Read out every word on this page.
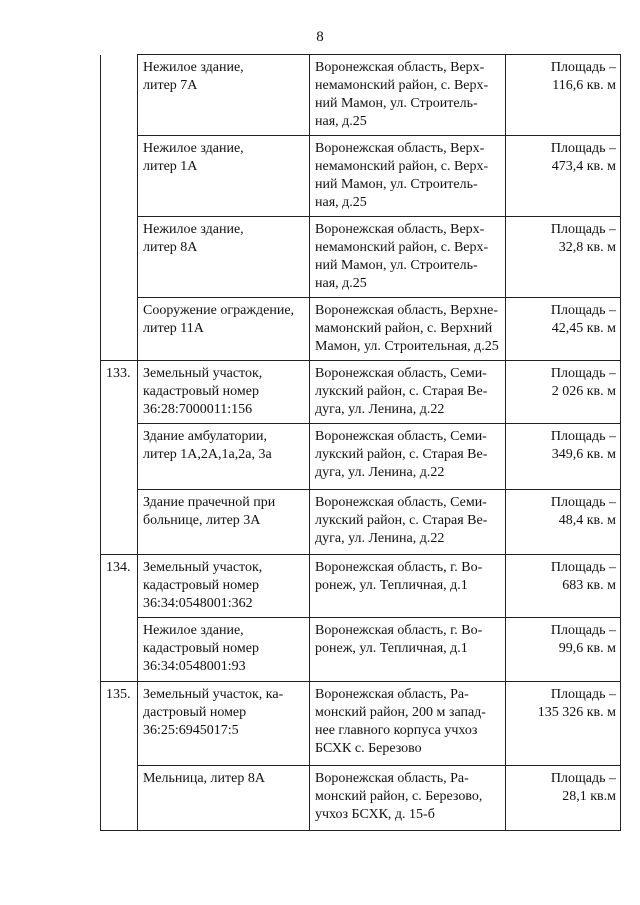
8

	Нежилое здание,
литер 7А	Воронежская область, Верх-
немамонский район, с. Верх-
ний Мамон, ул. Строитель-
ная, д.25	Площадь –
116,6 кв. м

	Нежилое здание,
литер 1А	Воронежская область, Верх-
немамонский район, с. Верх-
ний Мамон, ул. Строитель-
ная, д.25	Площадь –
473,4 кв. м

	Нежилое здание,
литер 8А	Воронежская область, Верх-
немамонский район, с. Верх-
ний Мамон, ул. Строитель-
ная, д.25	Площадь –
32,8 кв. м

	Сооружение ограждение,
литер 11А	Воронежская область, Верхне-
мамонский район, с. Верхний
Мамон, ул. Строительная, д.25	Площадь –
42,45 кв. м

133.	Земельный участок,
кадастровый номер
36:28:7000011:156	Воронежская область, Семи-
лукский район, с. Старая Ве-
дуга, ул. Ленина, д.22	Площадь –
2 026 кв. м

	Здание амбулатории,
литер 1А,2А,1а,2а, 3а	Воронежская область, Семи-
лукский район, с. Старая Ве-
дуга, ул. Ленина, д.22	Площадь –
349,6 кв. м

	Здание прачечной при
больнице, литер 3А	Воронежская область, Семи-
лукский район, с. Старая Ве-
дуга, ул. Ленина, д.22	Площадь –
48,4 кв. м

134.	Земельный участок,
кадастровый номер
36:34:0548001:362	Воронежская область, г. Во-
ронеж, ул. Тепличная, д.1	Площадь –
683 кв. м

	Нежилое здание,
кадастровый номер
36:34:0548001:93	Воронежская область, г. Во-
ронеж, ул. Тепличная, д.1	Площадь –
99,6 кв. м

135.	Земельный участок, ка-
дастровый номер
36:25:6945017:5	Воронежская область, Ра-
монский район, 200 м запад-
нее главного корпуса учхоз
БСХК с. Березово	Площадь –
135 326 кв. м

	Мельница, литер 8А	Воронежская область, Ра-
монский район, с. Березово,
учхоз БСХК, д. 15-б	Площадь –
28,1 кв.м
